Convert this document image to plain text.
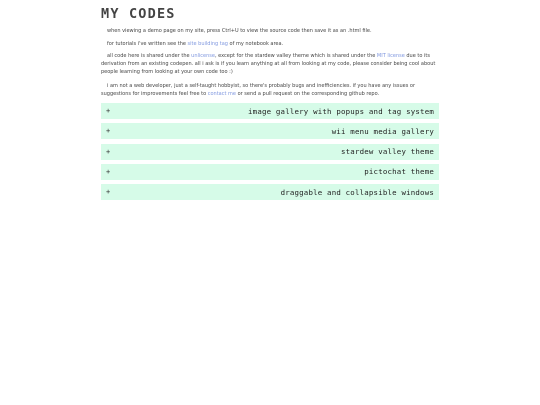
MY CODES

when viewing a demo page on my site, press Ctrl+U to view the source code then save it as an .html file.

for tutorials i've written see the site building tag of my notebook area.

all code here is shared under the unlicense, except for the stardew valley theme which is shared under the MIT license due to its derivation from an existing codepen. all i ask is if you learn anything at all from looking at my code, please consider being cool about people learning from looking at your own code too :)

i am not a web developer, just a self-taught hobbyist, so there's probably bugs and inefficiencies. if you have any issues or suggestions for improvements feel free to contact me or send a pull request on the corresponding github repo.

+	image gallery with popups and tag system
+	wii menu media gallery
+	stardew valley theme
+	pictochat theme
+	draggable and collapsible windows
